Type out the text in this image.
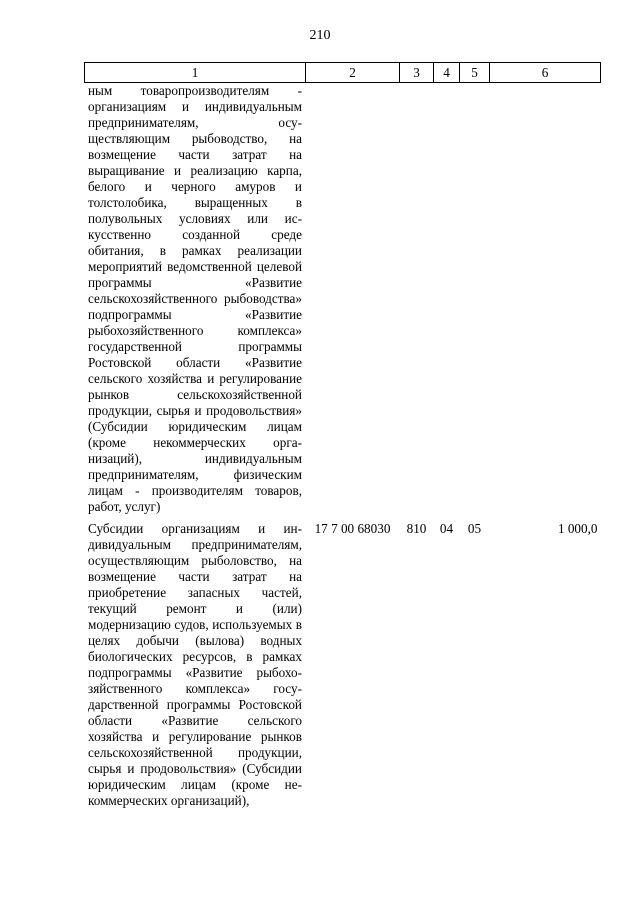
210
1	2	3	4	5	6
ным товаропроизводителям - организациям и индивидуальным предпринимателям, осуществляющим рыбоводство, на возмещение части затрат на выращивание и реализацию карпа, белого и черного амуров и толстолобика, выращенных в полувольных условиях или искусственно созданной среде обитания, в рамках реализации мероприятий ведомственной целевой программы «Развитие сельскохозяйственного рыбоводства» подпрограммы «Развитие рыбохозяйственного комплекса» государственной программы Ростовской области «Развитие сельского хозяйства и регулирование рынков сельскохозяйственной продукции, сырья и продовольствия» (Субсидии юридическим лицам (кроме некоммерческих организаций), индивидуальным предпринимателям, физическим лицам - производителям товаров, работ, услуг)					
Субсидии организациям и индивидуальным предпринимателям, осуществляющим рыболовство, на возмещение части затрат на приобретение запасных частей, текущий ремонт и (или) модернизацию судов, используемых в целях добычи (вылова) водных биологических ресурсов, в рамках подпрограммы «Развитие рыбохозяйственного комплекса» государственной программы Ростовской области «Развитие сельского хозяйства и регулирование рынков сельскохозяйственной продукции, сырья и продовольствия» (Субсидии юридическим лицам (кроме некоммерческих организаций),	17 7 00 68030	810	04	05	1 000,0
